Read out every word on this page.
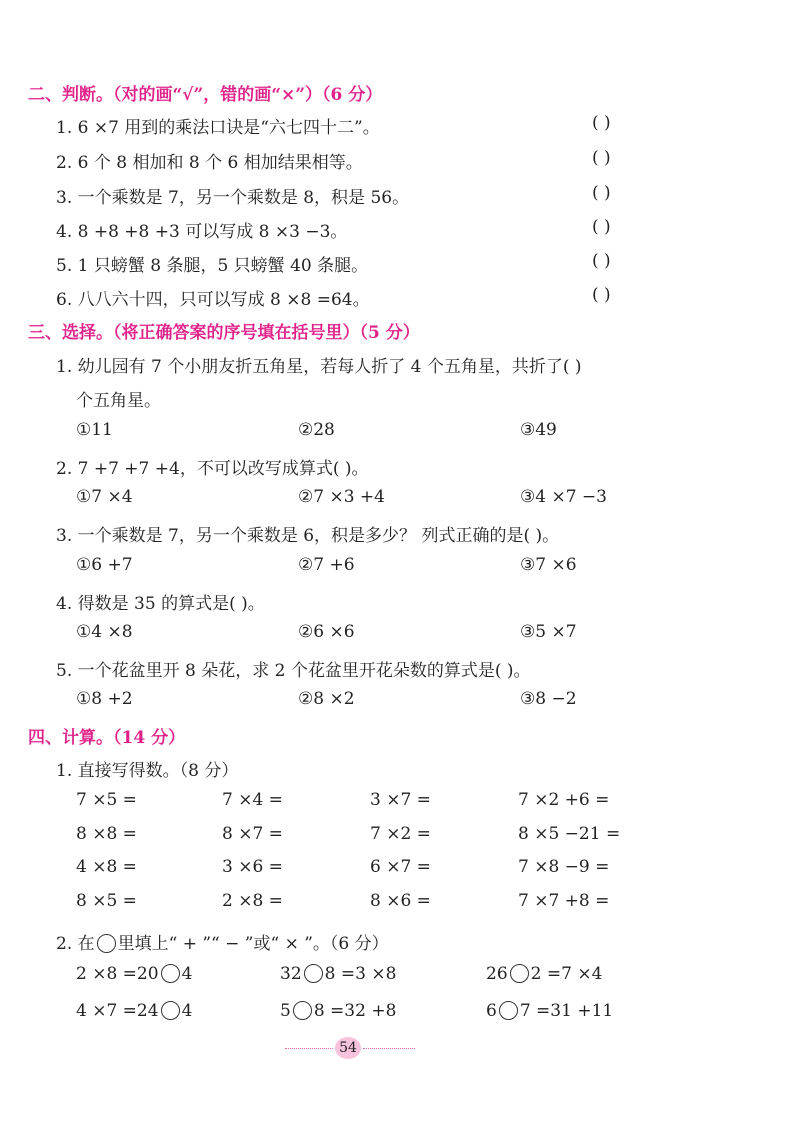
二、判断。（对的画“√”，错的画“×”）（6 分）
1. 6 ×7 用到的乘法口诀是“六七四十二”。	( )
2. 6 个 8 相加和 8 个 6 相加结果相等。	( )
3. 一个乘数是 7，另一个乘数是 8，积是 56。	( )
4. 8 +8 +8 +3 可以写成 8 ×3 −3。	( )
5. 1 只螃蟹 8 条腿，5 只螃蟹 40 条腿。	( )
6. 八八六十四，只可以写成 8 ×8 =64。	( )
三、选择。（将正确答案的序号填在括号里）（5 分）
1. 幼儿园有 7 个小朋友折五角星，若每人折了 4 个五角星，共折了( )
个五角星。
①11	②28	③49
2. 7 +7 +7 +4，不可以改写成算式( )。
①7 ×4	②7 ×3 +4	③4 ×7 −3
3. 一个乘数是 7，另一个乘数是 6，积是多少？ 列式正确的是( )。
①6 +7	②7 +6	③7 ×6
4. 得数是 35 的算式是( )。
①4 ×8	②6 ×6	③5 ×7
5. 一个花盆里开 8 朵花，求 2 个花盆里开花朵数的算式是( )。
①8 +2	②8 ×2	③8 −2
四、计算。（14 分）
1. 直接写得数。（8 分）
7 ×5 =	7 ×4 =	3 ×7 =	7 ×2 +6 =
8 ×8 =	8 ×7 =	7 ×2 =	8 ×5 −21 =
4 ×8 =	3 ×6 =	6 ×7 =	7 ×8 −9 =
8 ×5 =	2 ×8 =	8 ×6 =	7 ×7 +8 =
2. 在 里填上“ + ”“ − ”或“ × ”。（6 分）
2 ×8 =20 4	32 8 =3 ×8	26 2 =7 ×4
4 ×7 =24 4	5 8 =32 +8	6 7 =31 +11
54
